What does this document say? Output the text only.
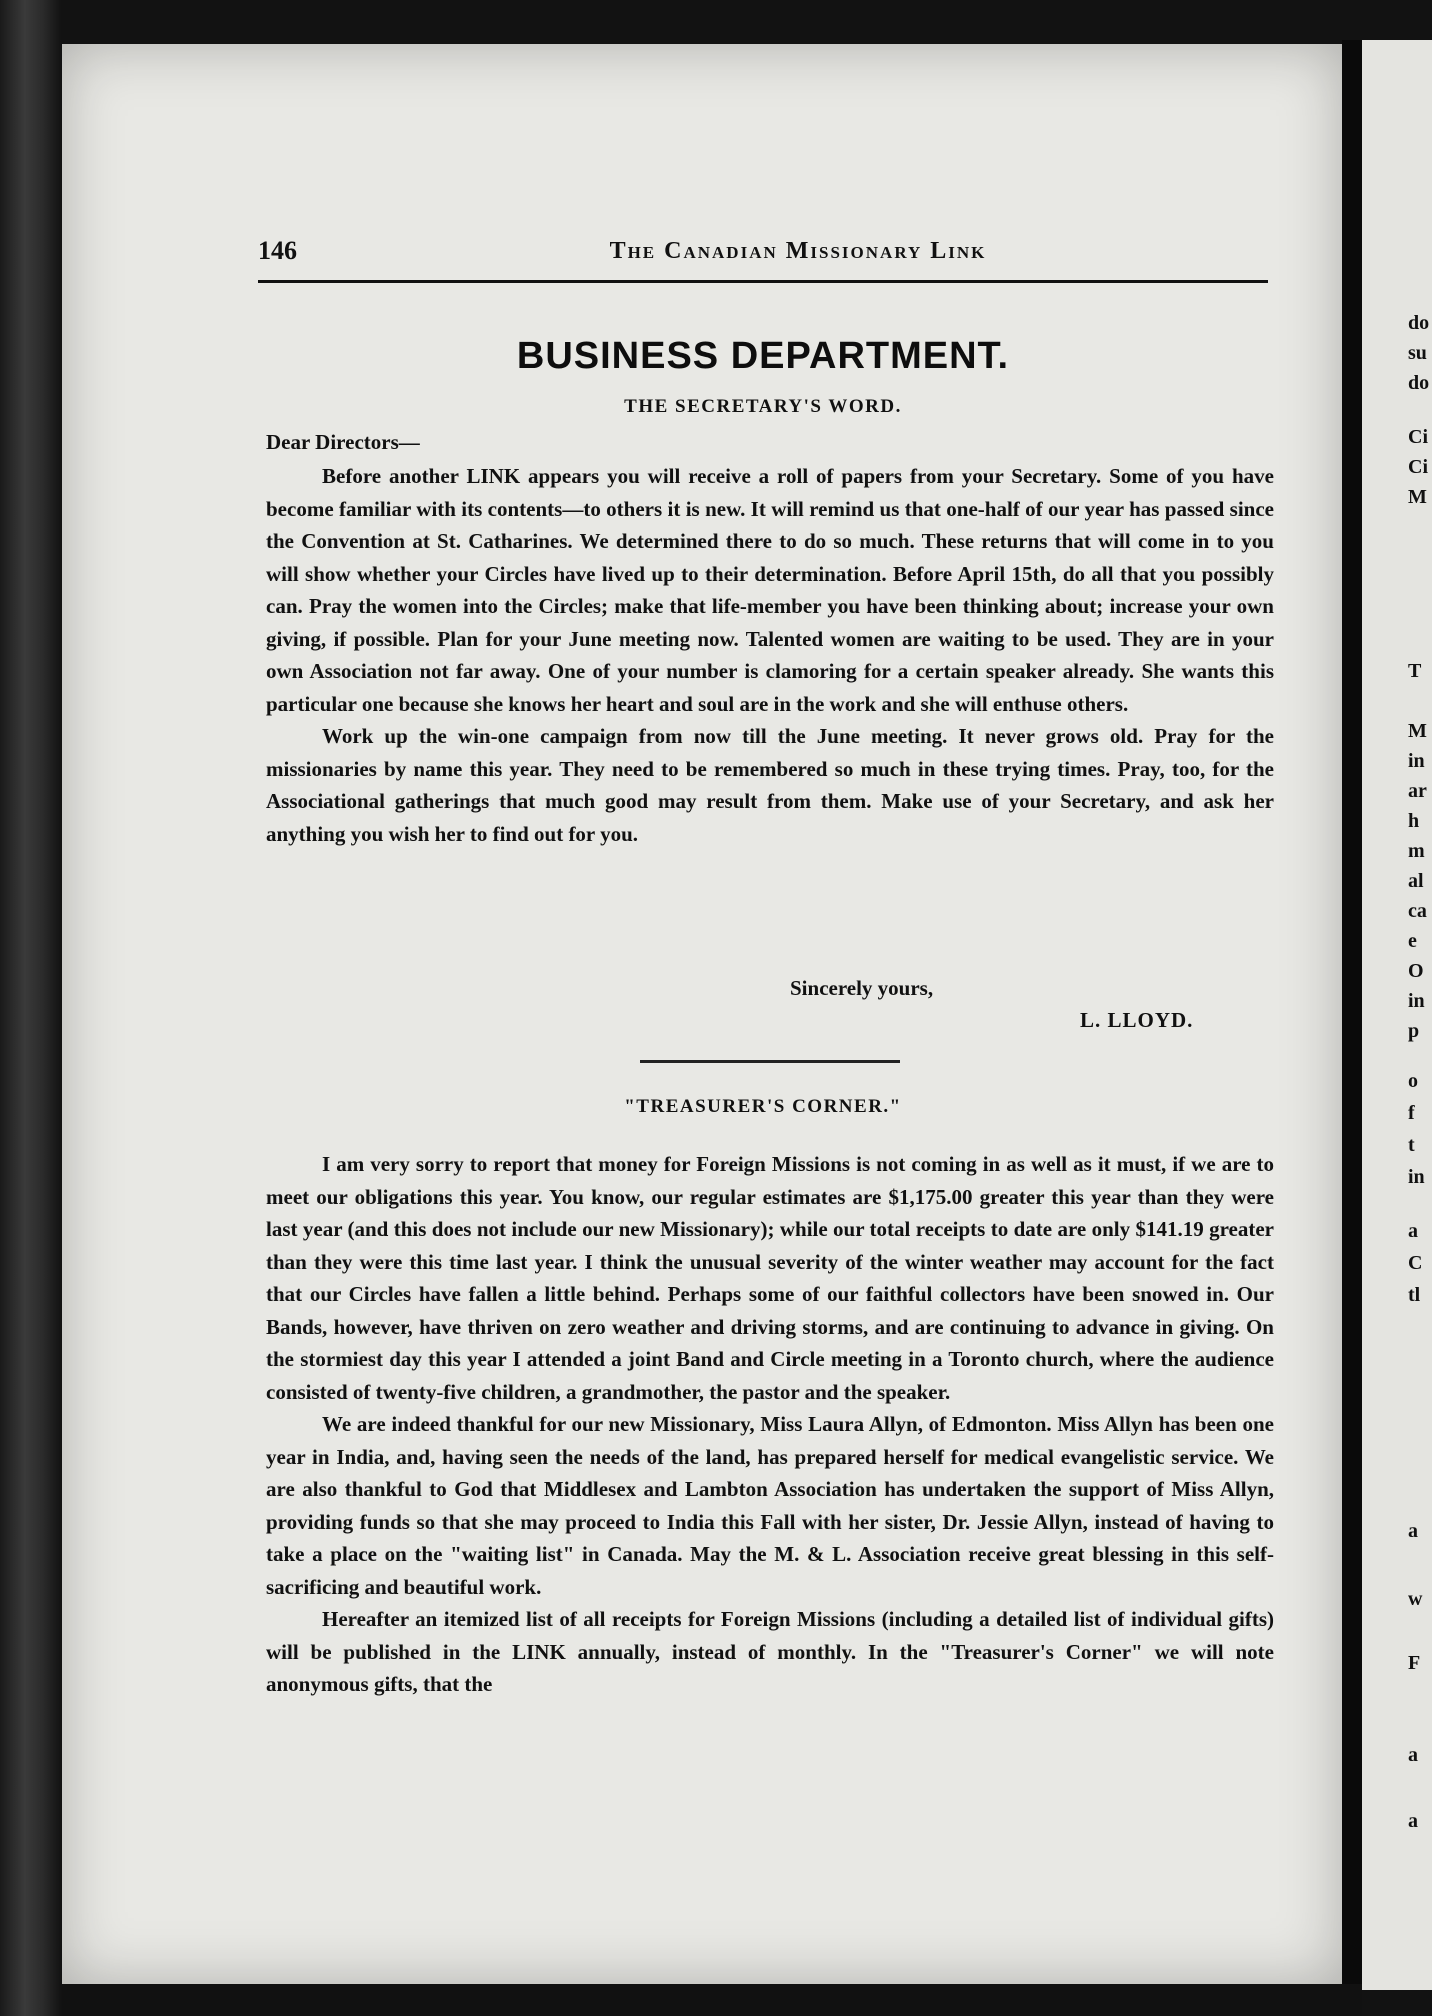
do
su
do
Ci
Ci
M
T
M
in
ar
h
m
al
ca
e
O
in
p
o
f
t
in
a
C
tl
a
w
F
a
a
146	The Canadian Missionary Link
BUSINESS DEPARTMENT.
THE SECRETARY'S WORD.
Dear Directors—

Before another LINK appears you will receive a roll of papers from your Secretary. Some of you have become familiar with its contents—to others it is new. It will remind us that one-half of our year has passed since the Convention at St. Catharines. We determined there to do so much. These returns that will come in to you will show whether your Circles have lived up to their determination. Before April 15th, do all that you possibly can. Pray the women into the Circles; make that life-member you have been thinking about; increase your own giving, if possible. Plan for your June meeting now. Talented women are waiting to be used. They are in your own Association not far away. One of your number is clamoring for a certain speaker already. She wants this particular one because she knows her heart and soul are in the work and she will enthuse others.

Work up the win-one campaign from now till the June meeting. It never grows old. Pray for the missionaries by name this year. They need to be remembered so much in these trying times. Pray, too, for the Associational gatherings that much good may result from them. Make use of your Secretary, and ask her anything you wish her to find out for you.

Sincerely yours,
L. LLOYD.
"TREASURER'S CORNER."

I am very sorry to report that money for Foreign Missions is not coming in as well as it must, if we are to meet our obligations this year. You know, our regular estimates are $1,175.00 greater this year than they were last year (and this does not include our new Missionary); while our total receipts to date are only $141.19 greater than they were this time last year. I think the unusual severity of the winter weather may account for the fact that our Circles have fallen a little behind. Perhaps some of our faithful collectors have been snowed in. Our Bands, however, have thriven on zero weather and driving storms, and are continuing to advance in giving. On the stormiest day this year I attended a joint Band and Circle meeting in a Toronto church, where the audience consisted of twenty-five children, a grandmother, the pastor and the speaker.

We are indeed thankful for our new Missionary, Miss Laura Allyn, of Edmonton. Miss Allyn has been one year in India, and, having seen the needs of the land, has prepared herself for medical evangelistic service. We are also thankful to God that Middlesex and Lambton Association has undertaken the support of Miss Allyn, providing funds so that she may proceed to India this Fall with her sister, Dr. Jessie Allyn, instead of having to take a place on the "waiting list" in Canada. May the M. & L. Association receive great blessing in this self-sacrificing and beautiful work.

Hereafter an itemized list of all receipts for Foreign Missions (including a detailed list of individual gifts) will be published in the LINK annually, instead of monthly. In the "Treasurer's Corner" we will note anonymous gifts, that the
